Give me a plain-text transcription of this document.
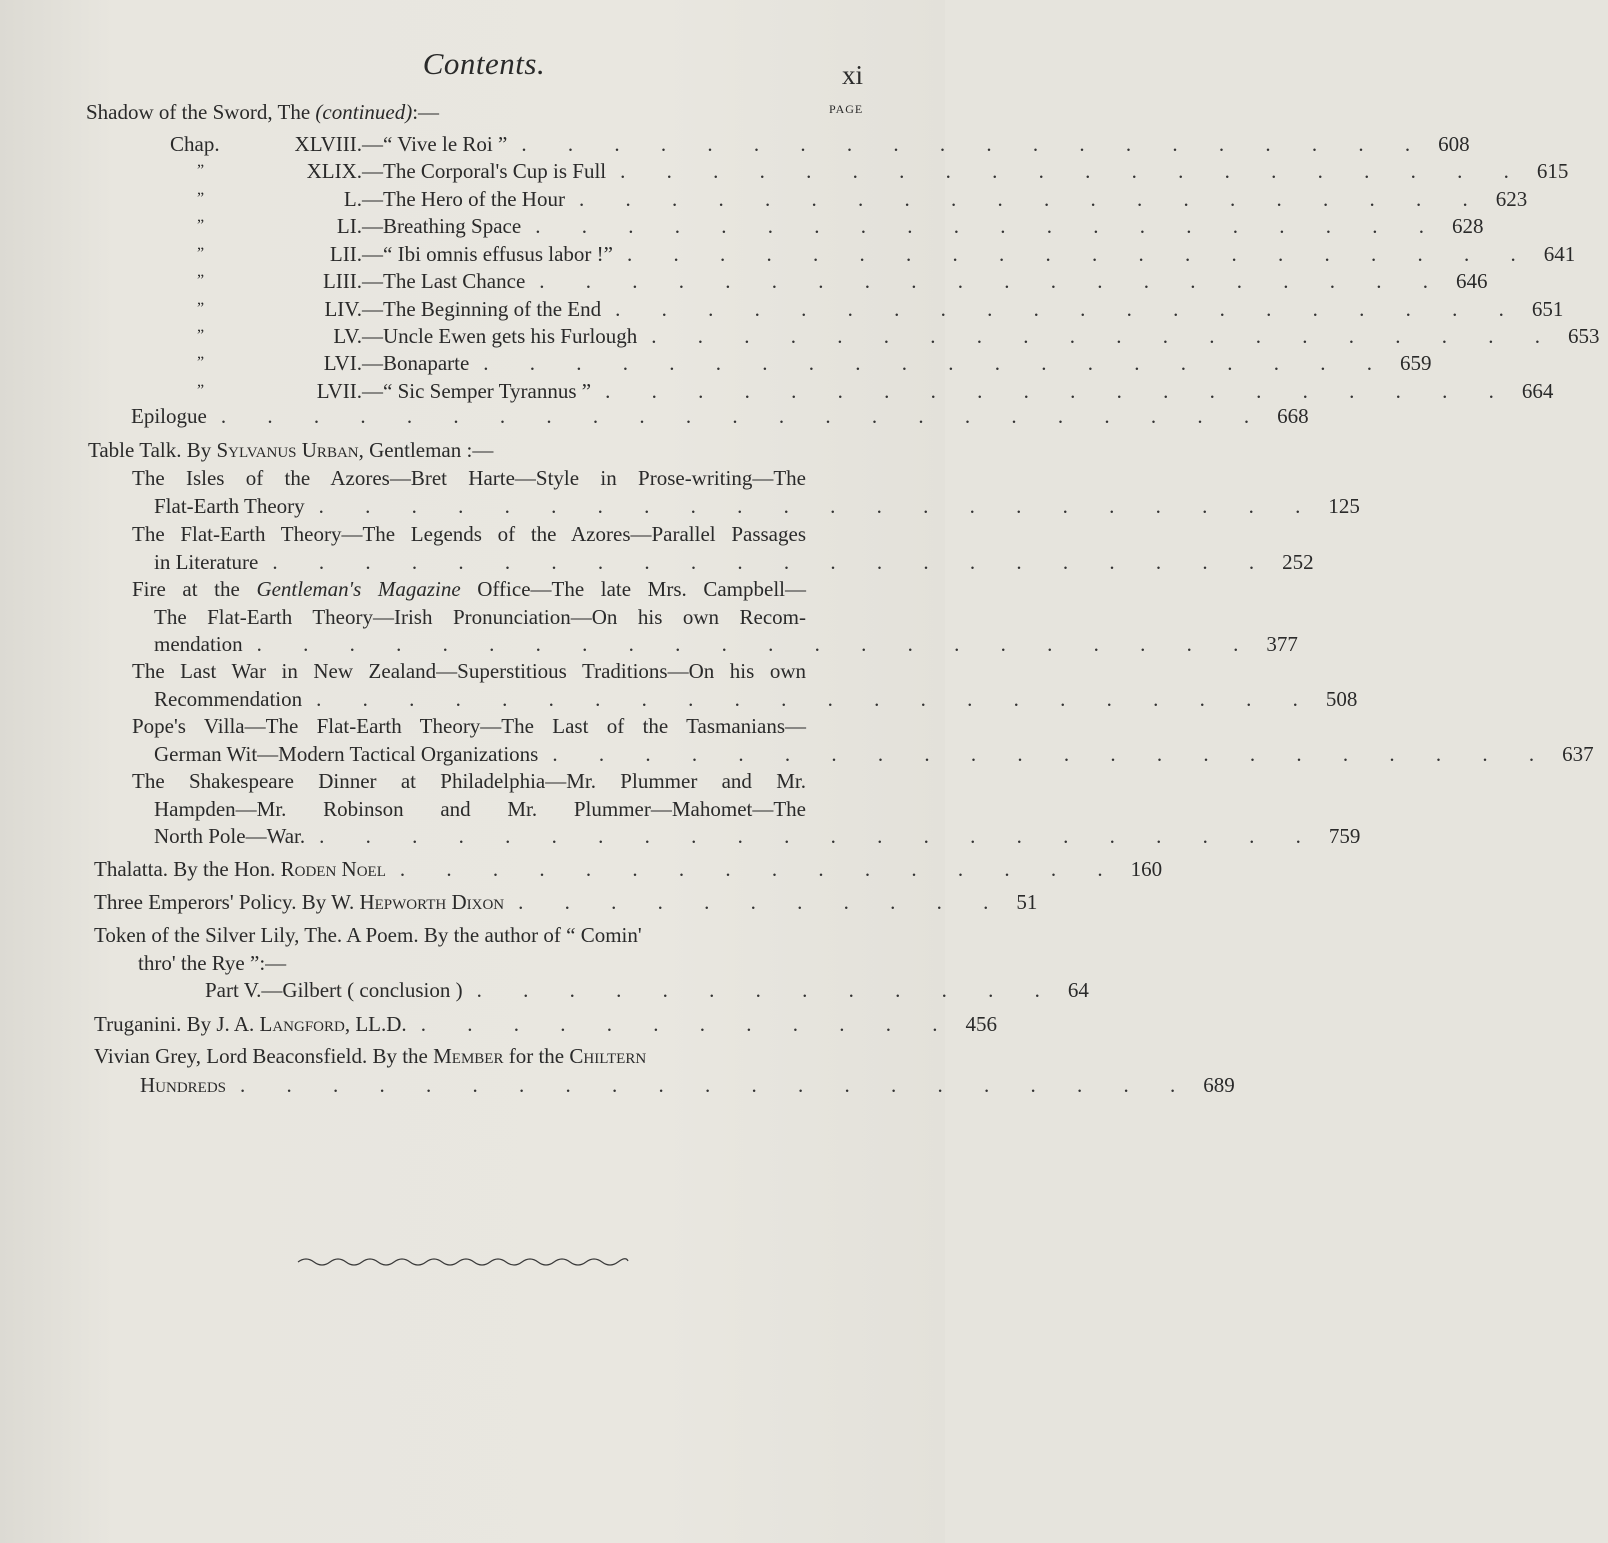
Contents.	xi
PAGE
Shadow of the Sword, The
(continued) :—
Chap.	XLVIII. —“ Vive le Roi ” . . . . . . . . . . . . . . . . . . . . 608
”	XLIX. —The Corporal's Cup is Full . . . . . . . . . . . . . . . . . . . . 615
”	L. —The Hero of the Hour . . . . . . . . . . . . . . . . . . . . 623
”	LI. —Breathing Space . . . . . . . . . . . . . . . . . . . . 628
”	LII. —“ Ibi omnis effusus labor !” . . . . . . . . . . . . . . . . . . . . 641
”	LIII. —The Last Chance . . . . . . . . . . . . . . . . . . . . 646
”	LIV. —The Beginning of the End . . . . . . . . . . . . . . . . . . . . 651
”	LV. —Uncle Ewen gets his Furlough . . . . . . . . . . . . . . . . . . . . 653
”	LVI. —Bonaparte . . . . . . . . . . . . . . . . . . . . 659
”	LVII. —“ Sic Semper Tyrannus ” . . . . . . . . . . . . . . . . . . . . 664
Epilogue . . . . . . . . . . . . . . . . . . . . . . . 668
Table Talk. By Sylvanus Urban , Gentleman :—
The Isles of the Azores—Bret Harte—Style in Prose-writing—The
Flat-Earth Theory . . . . . . . . . . . . . . . . . . . . . . 125
The Flat-Earth Theory—The Legends of the Azores—Parallel Passages
in Literature . . . . . . . . . . . . . . . . . . . . . . 252
Fire at the Gentleman's Magazine Office—The late Mrs. Campbell—
The Flat-Earth Theory—Irish Pronunciation—On his own Recom-
mendation . . . . . . . . . . . . . . . . . . . . . . 377
The Last War in New Zealand—Superstitious Traditions—On his own
Recommendation . . . . . . . . . . . . . . . . . . . . . . 508
Pope's Villa—The Flat-Earth Theory—The Last of the Tasmanians—
German Wit—Modern Tactical Organizations . . . . . . . . . . . . . . . . . . . . . . 637
The Shakespeare Dinner at Philadelphia—Mr. Plummer and Mr.
Hampden—Mr. Robinson and Mr. Plummer—Mahomet—The
North Pole—War. . . . . . . . . . . . . . . . . . . . . . . 759
Thalatta. By the Hon. Roden Noel . . . . . . . . . . . . . . . . 160
Three Emperors' Policy. By W. Hepworth Dixon . . . . . . . . . . . 51
Token of the Silver Lily, The. A Poem. By the author of “ Comin'
thro' the Rye ”:—
Part V.—Gilbert ( conclusion ) . . . . . . . . . . . . . 64
Truganini. By J. A. Langford, LL.D. . . . . . . . . . . . . 456
Vivian Grey, Lord Beaconsfield. By the Member for the Chiltern
Hundreds . . . . . . . . . . . . . . . . . . . . . 689
